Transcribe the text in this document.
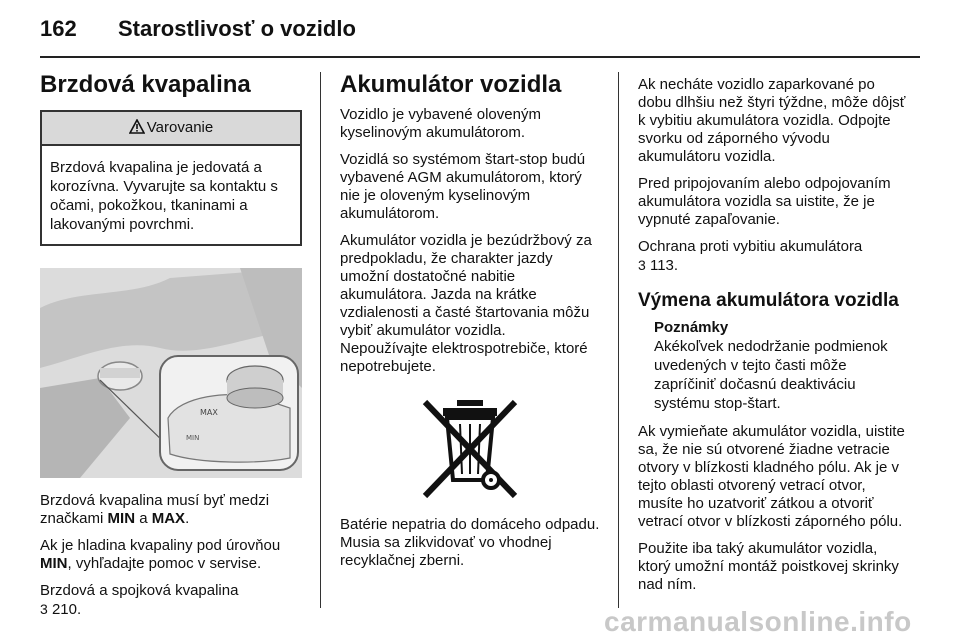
162 Starostlivosť o vozidlo
Brzdová kvapalina
Varovanie
Brzdová kvapalina je jedovatá a korozívna. Vyvarujte sa kontaktu s očami, pokožkou, tkaninami a lakovanými povrchmi.
MAX
MIN

Brzdová kvapalina musí byť medzi značkami MIN a MAX.

Ak je hladina kvapaliny pod úrovňou MIN, vyhľadajte pomoc v servise.

Brzdová a spojková kvapalina
3 210.

Akumulátor vozidla

Vozidlo je vybavené oloveným kyselinovým akumulátorom.

Vozidlá so systémom štart-stop budú vybavené AGM akumulátorom, ktorý nie je oloveným kyselinovým akumulátorom.

Akumulátor vozidla je bezúdržbový za predpokladu, že charakter jazdy umožní dostatočné nabitie akumulátora. Jazda na krátke vzdialenosti a časté štartovania môžu vybiť akumulátor vozidla.

Nepoužívajte elektrospotrebiče, ktoré nepotrebujete.

Batérie nepatria do domáceho odpadu. Musia sa zlikvidovať vo vhodnej recyklačnej zberni.

Ak necháte vozidlo zaparkované po dobu dlhšiu než štyri týždne, môže dôjsť k vybitiu akumulátora vozidla. Odpojte svorku od záporného vývodu akumulátoru vozidla.

Pred pripojovaním alebo odpojovaním akumulátora vozidla sa uistite, že je vypnuté zapaľovanie.

Ochrana proti vybitiu akumulátora
3 113.

Výmena akumulátora vozidla
Poznámky
Akékoľvek nedodržanie podmienok uvedených v tejto časti môže zapríčiniť dočasnú deaktiváciu systému stop-štart.

Ak vymieňate akumulátor vozidla, uistite sa, že nie sú otvorené žiadne vetracie otvory v blízkosti kladného pólu. Ak je v tejto oblasti otvorený vetrací otvor, musíte ho uzatvoriť zátkou a otvoriť vetrací otvor v blízkosti záporného pólu.

Použite iba taký akumulátor vozidla, ktorý umožní montáž poistkovej skrinky nad ním.

carmanualsonline.info
